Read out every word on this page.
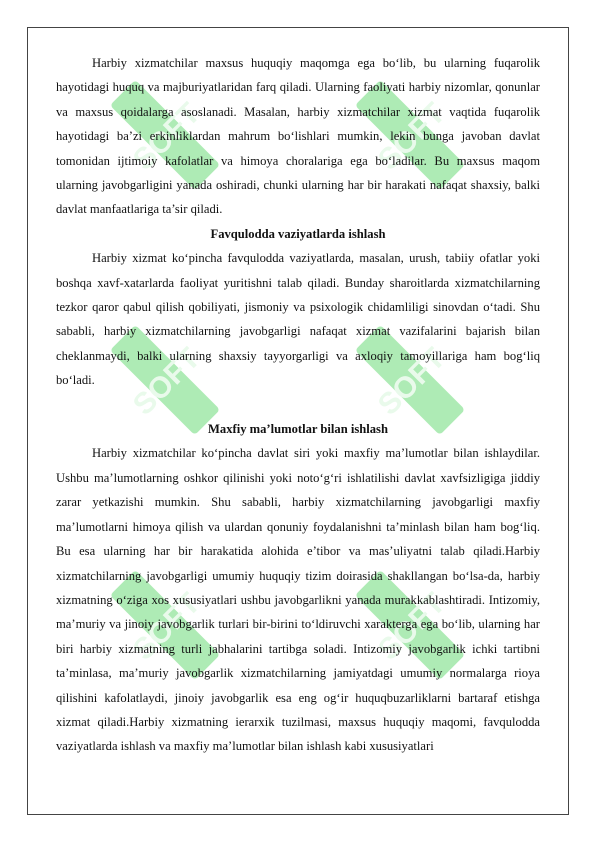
SOFT	SOFT
SOFT	SOFT
SOFT	SOFT

Harbiy xizmatchilar maxsus huquqiy maqomga ega bo‘lib, bu ularning fuqarolik hayotidagi huquq va majburiyatlaridan farq qiladi. Ularning faoliyati harbiy nizomlar, qonunlar va maxsus qoidalarga asoslanadi. Masalan, harbiy xizmatchilar xizmat vaqtida fuqarolik hayotidagi ba’zi erkinliklardan mahrum bo‘lishlari mumkin, lekin bunga javoban davlat tomonidan ijtimoiy kafolatlar va himoya choralariga ega bo‘ladilar. Bu maxsus maqom ularning javobgarligini yanada oshiradi, chunki ularning har bir harakati nafaqat shaxsiy, balki davlat manfaatlariga ta’sir qiladi.

Favqulodda vaziyatlarda ishlash

Harbiy xizmat ko‘pincha favqulodda vaziyatlarda, masalan, urush, tabiiy ofatlar yoki boshqa xavf-xatarlarda faoliyat yuritishni talab qiladi. Bunday sharoitlarda xizmatchilarning tezkor qaror qabul qilish qobiliyati, jismoniy va psixologik chidamliligi sinovdan o‘tadi. Shu sababli, harbiy xizmatchilarning javobgarligi nafaqat xizmat vazifalarini bajarish bilan cheklanmaydi, balki ularning shaxsiy tayyorgarligi va axloqiy tamoyillariga ham bog‘liq bo‘ladi.

Maxfiy ma’lumotlar bilan ishlash

Harbiy xizmatchilar ko‘pincha davlat siri yoki maxfiy ma’lumotlar bilan ishlaydilar. Ushbu ma’lumotlarning oshkor qilinishi yoki noto‘g‘ri ishlatilishi davlat xavfsizligiga jiddiy zarar yetkazishi mumkin. Shu sababli, harbiy xizmatchilarning javobgarligi maxfiy ma’lumotlarni himoya qilish va ulardan qonuniy foydalanishni ta’minlash bilan ham bog‘liq. Bu esa ularning har bir harakatida alohida e’tibor va mas’uliyatni talab qiladi.Harbiy xizmatchilarning javobgarligi umumiy huquqiy tizim doirasida shakllangan bo‘lsa-da, harbiy xizmatning o‘ziga xos xususiyatlari ushbu javobgarlikni yanada murakkablashtiradi. Intizomiy, ma’muriy va jinoiy javobgarlik turlari bir-birini to‘ldiruvchi xarakterga ega bo‘lib, ularning har biri harbiy xizmatning turli jabhalarini tartibga soladi. Intizomiy javobgarlik ichki tartibni ta’minlasa, ma’muriy javobgarlik xizmatchilarning jamiyatdagi umumiy normalarga rioya qilishini kafolatlaydi, jinoiy javobgarlik esa eng og‘ir huquqbuzarliklarni bartaraf etishga xizmat qiladi.Harbiy xizmatning ierarxik tuzilmasi, maxsus huquqiy maqomi, favqulodda vaziyatlarda ishlash va maxfiy ma’lumotlar bilan ishlash kabi xususiyatlari
